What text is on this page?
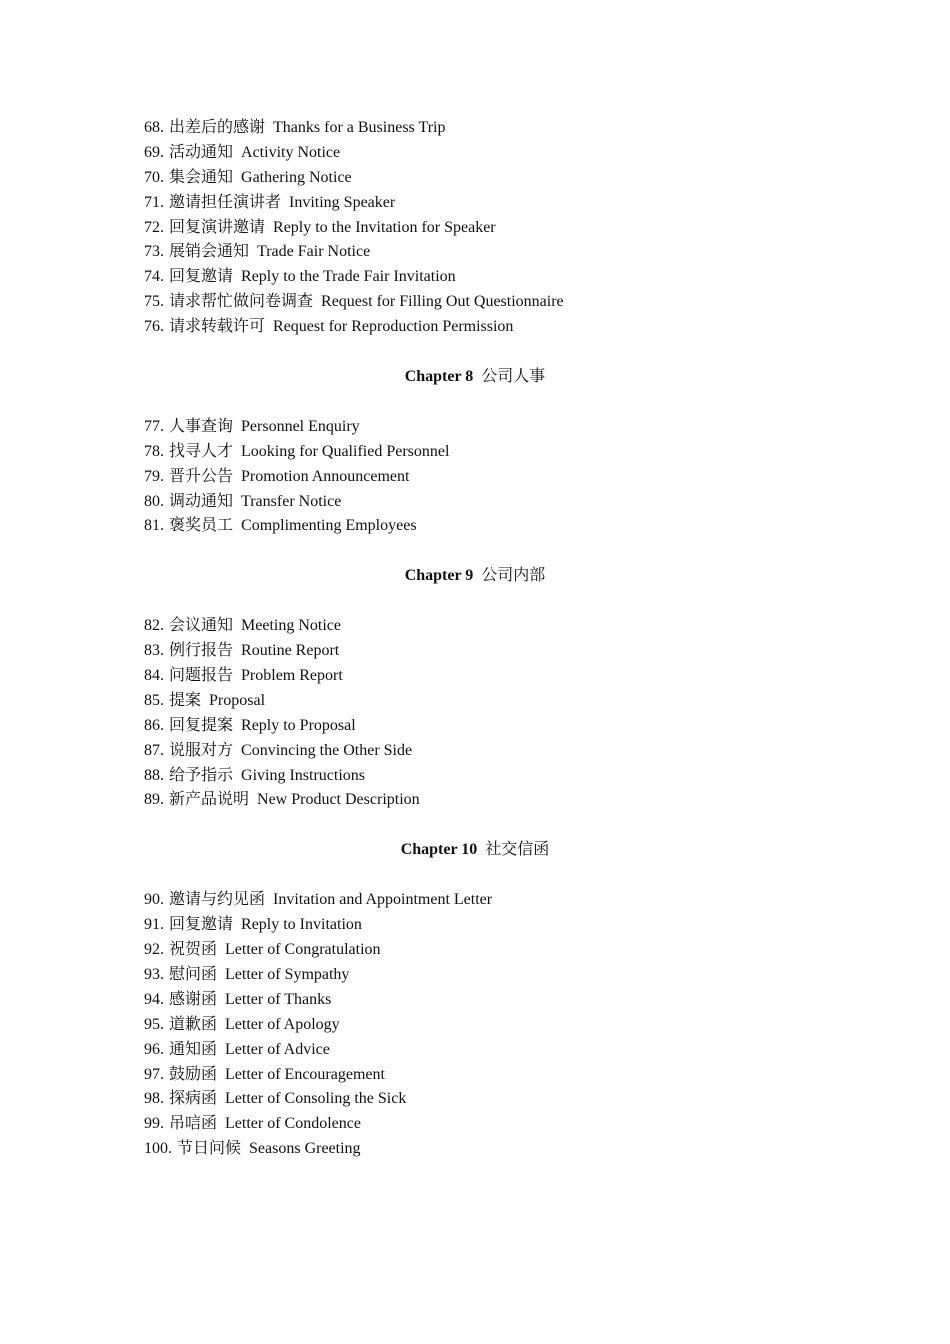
68. 出差后的感谢 Thanks for a Business Trip
69. 活动通知 Activity Notice
70. 集会通知 Gathering Notice
71. 邀请担任演讲者 Inviting Speaker
72. 回复演讲邀请 Reply to the Invitation for Speaker
73. 展销会通知 Trade Fair Notice
74. 回复邀请 Reply to the Trade Fair Invitation
75. 请求帮忙做问卷调查 Request for Filling Out Questionnaire
76. 请求转载许可 Request for Reproduction Permission
Chapter 8 公司人事
77. 人事查询 Personnel Enquiry
78. 找寻人才 Looking for Qualified Personnel
79. 晋升公告 Promotion Announcement
80. 调动通知 Transfer Notice
81. 褒奖员工 Complimenting Employees
Chapter 9 公司内部
82. 会议通知 Meeting Notice
83. 例行报告 Routine Report
84. 问题报告 Problem Report
85. 提案 Proposal
86. 回复提案 Reply to Proposal
87. 说服对方 Convincing the Other Side
88. 给予指示 Giving Instructions
89. 新产品说明 New Product Description
Chapter 10 社交信函
90. 邀请与约见函 Invitation and Appointment Letter
91. 回复邀请 Reply to Invitation
92. 祝贺函 Letter of Congratulation
93. 慰问函 Letter of Sympathy
94. 感谢函 Letter of Thanks
95. 道歉函 Letter of Apology
96. 通知函 Letter of Advice
97. 鼓励函 Letter of Encouragement
98. 探病函 Letter of Consoling the Sick
99. 吊唁函 Letter of Condolence
100. 节日问候 Seasons Greeting
